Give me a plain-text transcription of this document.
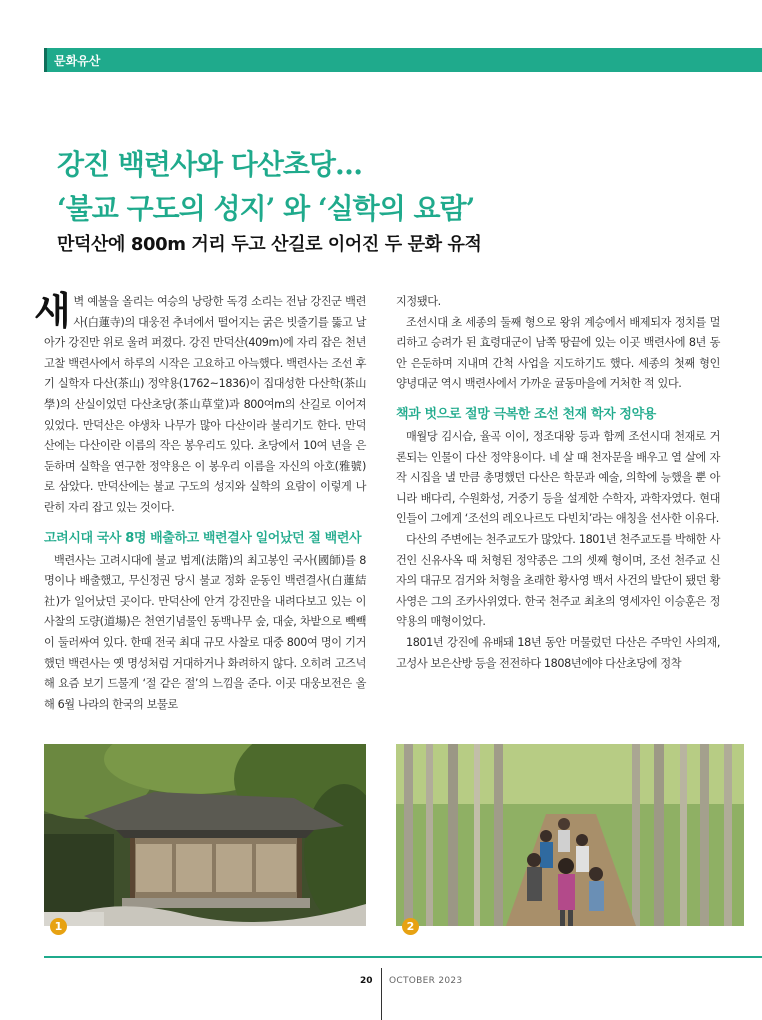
문화유산
강진 백련사와 다산초당…
‘불교 구도의 성지’ 와 ‘실학의 요람’
만덕산에 800m 거리 두고 산길로 이어진 두 문화 유적

새벽 예불을 올리는 여승의 낭랑한 독경 소리는 전남 강진군 백련사(白蓮寺)의 대웅전 추녀에서 떨어지는 굵은 빗줄기를 뚫고 날아가 강진만 위로 울려 퍼졌다. 강진 만덕산(409m)에 자리 잡은 천년고찰 백련사에서 하루의 시작은 고요하고 아늑했다. 백련사는 조선 후기 실학자 다산(茶山) 정약용(1762~1836)이 집대성한 다산학(茶山學)의 산실이었던 다산초당(茶山草堂)과 800여m의 산길로 이어져 있었다. 만덕산은 야생차 나무가 많아 다산이라 불리기도 한다. 만덕산에는 다산이란 이름의 작은 봉우리도 있다. 초당에서 10여 년을 은둔하며 실학을 연구한 정약용은 이 봉우리 이름을 자신의 아호(雅號)로 삼았다. 만덕산에는 불교 구도의 성지와 실학의 요람이 이렇게 나란히 자리 잡고 있는 것이다.

고려시대 국사 8명 배출하고 백련결사 일어났던 절 백련사

백련사는 고려시대에 불교 법계(法階)의 최고봉인 국사(國師)를 8명이나 배출했고, 무신정권 당시 불교 정화 운동인 백련결사(白蓮結社)가 일어났던 곳이다. 만덕산에 안겨 강진만을 내려다보고 있는 이 사찰의 도량(道場)은 천연기념물인 동백나무 숲, 대숲, 차밭으로 빽빽이 둘러싸여 있다. 한때 전국 최대 규모 사찰로 대중 800여 명이 기거했던 백련사는 옛 명성처럼 거대하거나 화려하지 않다. 오히려 고즈넉해 요즘 보기 드물게 ‘절 같은 절’의 느낌을 준다. 이곳 대웅보전은 올해 6월 나라의 한국의 보물로

지정됐다.

조선시대 초 세종의 둘째 형으로 왕위 계승에서 배제되자 정치를 멀리하고 승려가 된 효령대군이 남쪽 땅끝에 있는 이곳 백련사에 8년 동안 은둔하며 지내며 간척 사업을 지도하기도 했다. 세종의 첫째 형인 양녕대군 역시 백련사에서 가까운 귤동마을에 거처한 적 있다.

책과 벗으로 절망 극복한 조선 천재 학자 정약용

매월당 김시습, 율곡 이이, 정조대왕 등과 함께 조선시대 천재로 거론되는 인물이 다산 정약용이다. 네 살 때 천자문을 배우고 열 살에 자작 시집을 낼 만큼 총명했던 다산은 학문과 예술, 의학에 능했을 뿐 아니라 배다리, 수원화성, 거중기 등을 설계한 수학자, 과학자였다. 현대인들이 그에게 ‘조선의 레오나르도 다빈치’라는 애칭을 선사한 이유다.

다산의 주변에는 천주교도가 많았다. 1801년 천주교도를 박해한 사건인 신유사옥 때 처형된 정약종은 그의 셋째 형이며, 조선 천주교 신자의 대규모 검거와 처형을 초래한 황사영 백서 사건의 발단이 됐던 황사영은 그의 조카사위였다. 한국 천주교 최초의 영세자인 이승훈은 정약용의 매형이었다.

1801년 강진에 유배돼 18년 동안 머물렀던 다산은 주막인 사의재, 고성사 보은산방 등을 전전하다 1808년에야 다산초당에 정착

1	2
20 OCTOBER 2023
